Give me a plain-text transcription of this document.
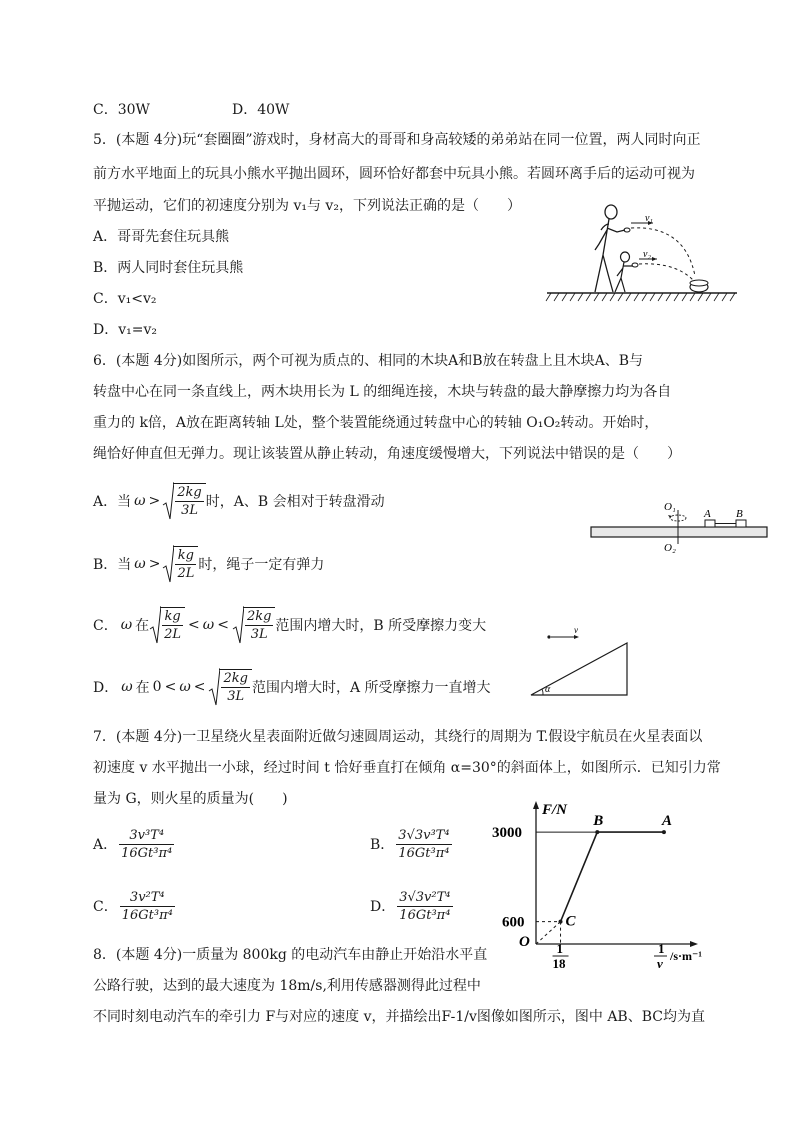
C．30W	D．40W
5．(本题 4分)玩“套圈圈”游戏时，身材高大的哥哥和身高较矮的弟弟站在同一位置，两人同时向正
前方水平地面上的玩具小熊水平抛出圆环，圆环恰好都套中玩具小熊。若圆环离手后的运动可视为
平抛运动，它们的初速度分别为 v₁与 v₂，下列说法正确的是（　　）
A．哥哥先套住玩具熊
B．两人同时套住玩具熊
C．v₁<v₂
D．v₁=v₂
v₁
v₂
6．(本题 4分)如图所示，两个可视为质点的、相同的木块A和B放在转盘上且木块A、B与
转盘中心在同一条直线上，两木块用长为 L 的细绳连接，木块与转盘的最大静摩擦力均为各自
重力的 k倍，A放在距离转轴 L处，整个装置能绕通过转盘中心的转轴 O₁O₂转动。开始时，
绳恰好伸直但无弹力。现让该装置从静止转动，角速度缓慢增大，下列说法中错误的是（　　）
A．当 $\omega > \frac{2kg}{3L}$ 时，A、B 会相对于转盘滑动
B．当 $\omega > \frac{kg}{2L}$ 时，绳子一定有弹力
C． ω 在 $\frac{kg}{2L} < \omega < \frac{2kg}{3L}$ 范围内增大时，B 所受摩擦力变大
D． ω 在 $0 < \omega < \frac{2kg}{3L}$ 范围内增大时，A 所受摩擦力一直增大
O₁
O₂
A B
α
v
7．(本题 4分)一卫星绕火星表面附近做匀速圆周运动，其绕行的周期为 T.假设宇航员在火星表面以
初速度 v 水平抛出一小球，经过时间 t 恰好垂直打在倾角 α=30°的斜面体上，如图所示．已知引力常
量为 G，则火星的质量为(　　)
A． $\frac{\text{3v³T⁴}}{\text{16Gt³π⁴}}$	B． $\frac{\text{3√3v³T⁴}}{\text{16Gt³π⁴}}$
C． $\frac{\text{3v²T⁴}}{\text{16Gt³π⁴}}$	D． $\frac{\text{3√3v²T⁴}}{\text{16Gt³π⁴}}$
8．(本题 4分)一质量为 800kg 的电动汽车由静止开始沿水平直
公路行驶，达到的最大速度为 18m/s,利用传感器测得此过程中
不同时刻电动汽车的牵引力 F与对应的速度 v，并描绘出F-1/v图像如图所示，图中 AB、BC均为直
F/N
O
3000
600
1
18
1
v /s·m⁻¹
C
B	A
